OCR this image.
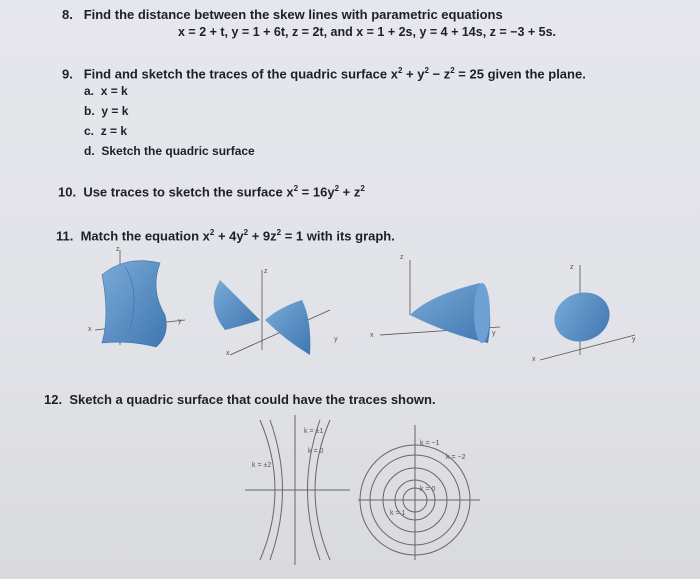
8. Find the distance between the skew lines with parametric equations
x = 2 + t, y = 1 + 6t, z = 2t, and x = 1 + 2s, y = 4 + 14s, z = −3 + 5s.
9. Find and sketch the traces of the quadric surface $x^2 + y^2 - z^2 = 25$ given the plane.
a. x = k
b. y = k
c. z = k
d. Sketch the quadric surface
10. Use traces to sketch the surface $x^2 = 16y^2 + z^2$
11. Match the equation $x^2 + 4y^2 + 9z^2 = 1$ with its graph.
z
x
y
z
x
y
z
x	y
z
x
y
12. Sketch a quadric surface that could have the traces shown.
k = ±1
k = 0
k = ±2
k = −1
k = −2
k = 0
k = 1
